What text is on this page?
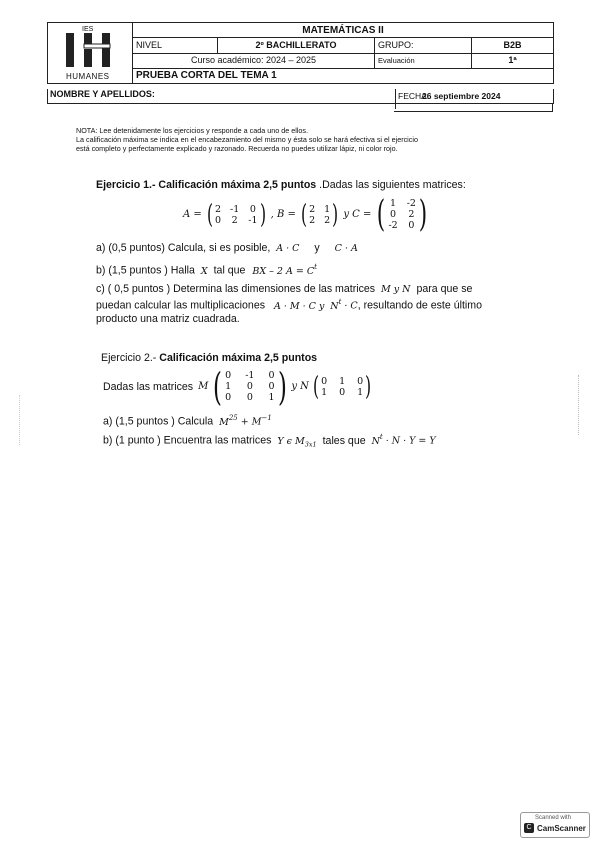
IES
HUMANES	MATEMÁTICAS II			
	NIVEL	2º BACHILLERATO	GRUPO:	B2B
	Curso académico: 2024 – 2025		Evaluación	1ª
	PRUEBA CORTA DEL TEMA 1			
NOMBRE Y APELLIDOS:	FECHA:
26 septiembre 2024
NOTA: Lee detenidamente los ejercicios y responde a cada uno de ellos.
La calificación máxima se indica en el encabezamiento del mismo y ésta solo se hará efectiva si el ejercicio
está completo y perfectamente explicado y razonado. Recuerda no puedes utilizar lápiz, ni color rojo.
Ejercicio 1.- Calificación máxima 2,5 puntos .Dadas las siguientes matrices:
A = ( 2 -1 0
0 2 -1 ) , B = ( 2 1
2 2 ) y C = ( 1 -2
0 2
-2 0 )
a) (0,5 puntos) Calcula, si es posible, A · C y C · A
b) (1,5 puntos ) Halla X tal que BX – 2 $A = C^t$
c) ( 0,5 puntos ) Determina las dimensiones de las matrices M y N para que se
puedan calcular las multiplicaciones A · M · C y $N^t \cdot C$, resultando de este último
producto una matriz cuadrada.
Ejercicio 2.- Calificación máxima 2,5 puntos
Dadas las matrices M ( 0 -1 0
1 0 0
0 0 1 ) y N ( 0 1 0
1 0 1 )
a) (1,5 puntos ) Calcula $M^{25} + M^{-1}$
b) (1 punto ) Encuentra las matrices Y ϵ $M_{3x1}$ tales que $N^t \cdot N \cdot Y = Y$
Scanned with
C CamScanner
